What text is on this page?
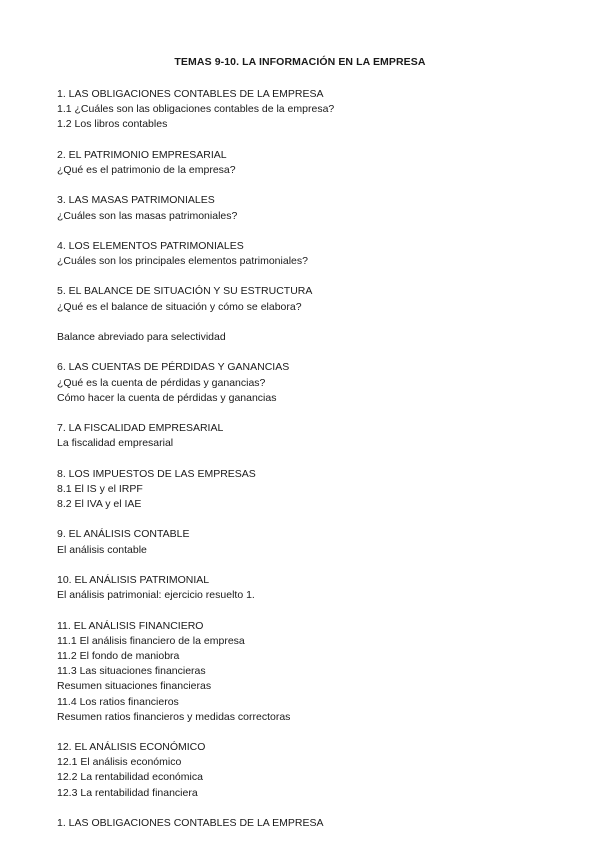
TEMAS 9-10. LA INFORMACIÓN EN LA EMPRESA
1. LAS OBLIGACIONES CONTABLES DE LA EMPRESA
1.1 ¿Cuáles son las obligaciones contables de la empresa?
1.2 Los libros contables
2. EL PATRIMONIO EMPRESARIAL
¿Qué es el patrimonio de la empresa?
3. LAS MASAS PATRIMONIALES
¿Cuáles son las masas patrimoniales?
4. LOS ELEMENTOS PATRIMONIALES
¿Cuáles son los principales elementos patrimoniales?
5. EL BALANCE DE SITUACIÓN Y SU ESTRUCTURA
¿Qué es el balance de situación y cómo se elabora?
Balance abreviado para selectividad
6. LAS CUENTAS DE PÉRDIDAS Y GANANCIAS
¿Qué es la cuenta de pérdidas y ganancias?
Cómo hacer la cuenta de pérdidas y ganancias
7. LA FISCALIDAD EMPRESARIAL
La fiscalidad empresarial
8. LOS IMPUESTOS DE LAS EMPRESAS
8.1 El IS y el IRPF
8.2 El IVA y el IAE
9. EL ANÁLISIS CONTABLE
El análisis contable
10. EL ANÁLISIS PATRIMONIAL
El análisis patrimonial: ejercicio resuelto 1.
11. EL ANÁLISIS FINANCIERO
11.1 El análisis financiero de la empresa
11.2 El fondo de maniobra
11.3 Las situaciones financieras
Resumen situaciones financieras
11.4 Los ratios financieros
Resumen ratios financieros y medidas correctoras
12. EL ANÁLISIS ECONÓMICO
12.1 El análisis económico
12.2 La rentabilidad económica
12.3 La rentabilidad financiera
1. LAS OBLIGACIONES CONTABLES DE LA EMPRESA
